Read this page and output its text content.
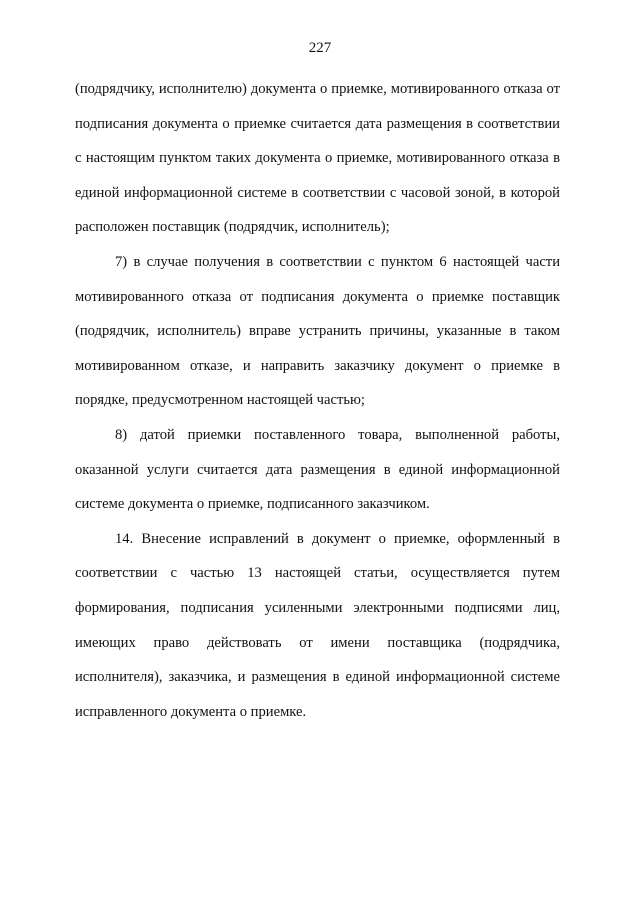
227

(подрядчику, исполнителю) документа о приемке, мотивированного отказа от подписания документа о приемке считается дата размещения в соответствии с настоящим пунктом таких документа о приемке, мотивированного отказа в единой информационной системе в соответствии с часовой зоной, в которой расположен поставщик (подрядчик, исполнитель);

7) в случае получения в соответствии с пунктом 6 настоящей части мотивированного отказа от подписания документа о приемке поставщик (подрядчик, исполнитель) вправе устранить причины, указанные в таком мотивированном отказе, и направить заказчику документ о приемке в порядке, предусмотренном настоящей частью;

8) датой приемки поставленного товара, выполненной работы, оказанной услуги считается дата размещения в единой информационной системе документа о приемке, подписанного заказчиком.

14. Внесение исправлений в документ о приемке, оформленный в соответствии с частью 13 настоящей статьи, осуществляется путем формирования, подписания усиленными электронными подписями лиц, имеющих право действовать от имени поставщика (подрядчика, исполнителя), заказчика, и размещения в единой информационной системе исправленного документа о приемке.
